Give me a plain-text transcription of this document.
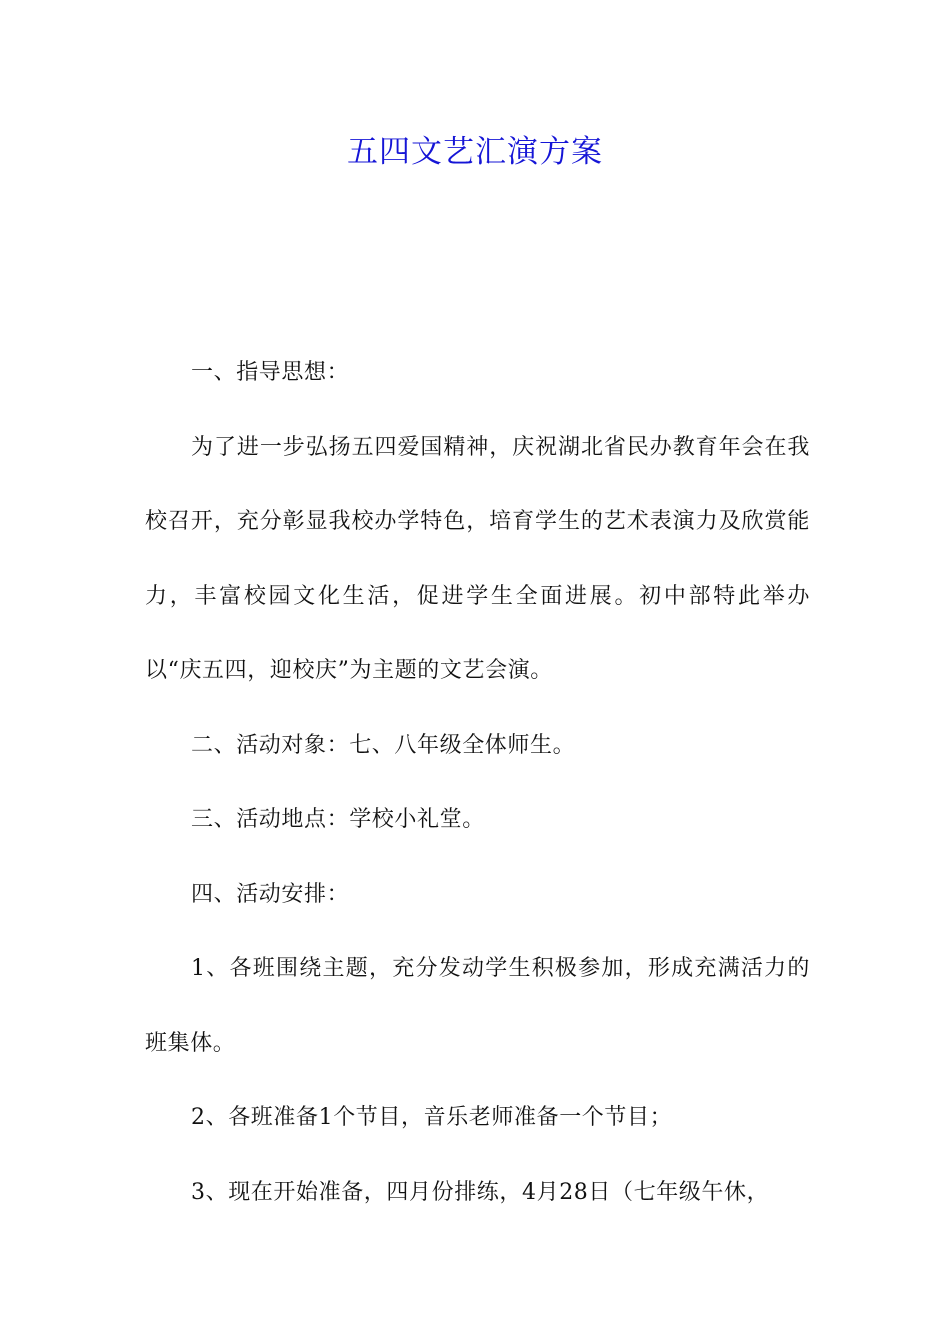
五四文艺汇演方案

一、指导思想：

为了进一步弘扬五四爱国精神，庆祝湖北省民办教育年会在我校召开，充分彰显我校办学特色，培育学生的艺术表演力及欣赏能力，丰富校园文化生活，促进学生全面进展。初中部特此举办以“庆五四，迎校庆”为主题的文艺会演。

二、活动对象：七、八年级全体师生。

三、活动地点：学校小礼堂。

四、活动安排：

1、各班围绕主题，充分发动学生积极参加，形成充满活力的班集体。

2、各班准备1个节目，音乐老师准备一个节目；

3、现在开始准备，四月份排练，4月28日（七年级午休，
